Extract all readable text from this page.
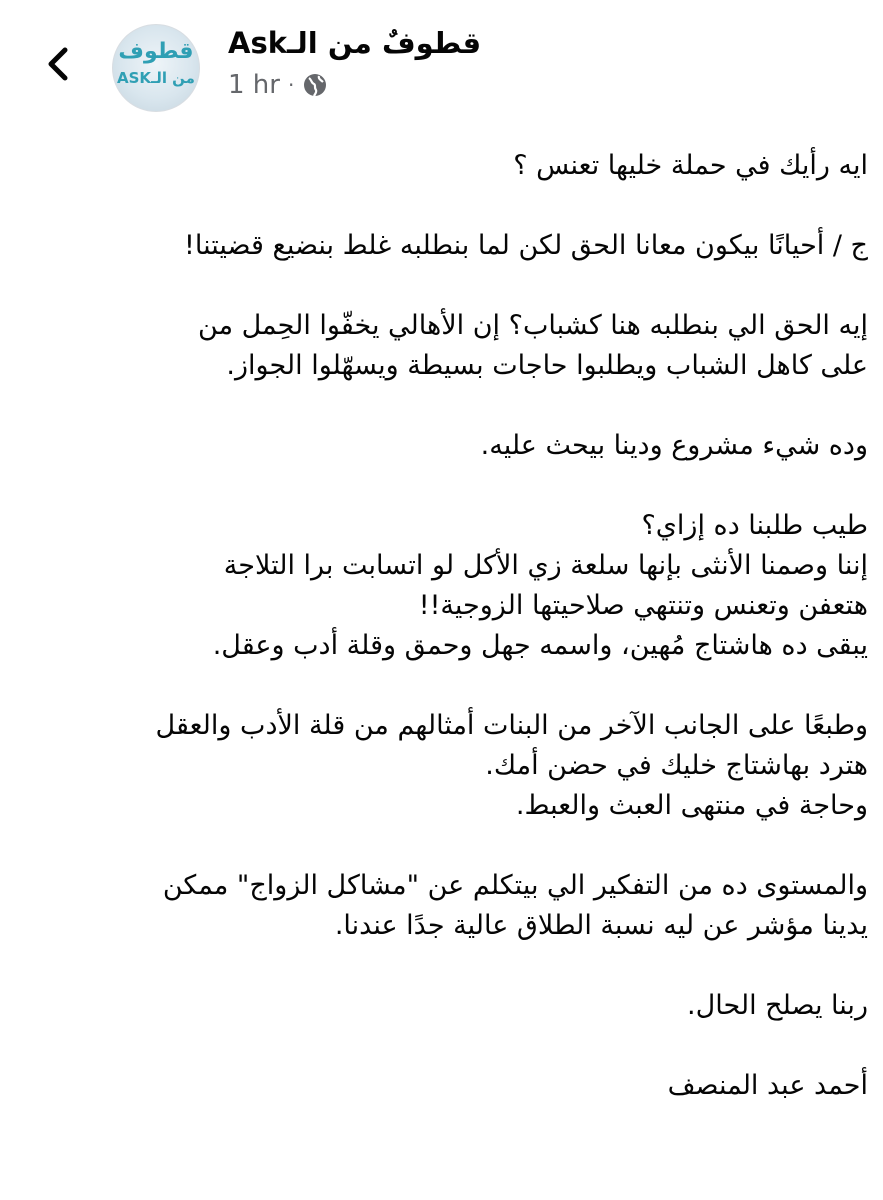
قطوف
من الـASK
قطوفٌ من الـAsk
1 hr ·
ايه رأيك في حملة خليها تعنس ؟
ج / أحيانًا بيكون معانا الحق لكن لما بنطلبه غلط بنضيع قضيتنا!
إيه الحق الي بنطلبه هنا كشباب؟ إن الأهالي يخفّوا الحِمل من
على كاهل الشباب ويطلبوا حاجات بسيطة ويسهّلوا الجواز.
وده شيء مشروع ودينا بيحث عليه.
طيب طلبنا ده إزاي؟
إننا وصمنا الأنثى بإنها سلعة زي الأكل لو اتسابت برا التلاجة
هتعفن وتعنس وتنتهي صلاحيتها الزوجية!!
يبقى ده هاشتاج مُهين، واسمه جهل وحمق وقلة أدب وعقل.
وطبعًا على الجانب الآخر من البنات أمثالهم من قلة الأدب والعقل
هترد بهاشتاج خليك في حضن أمك.
وحاجة في منتهى العبث والعبط.
والمستوى ده من التفكير الي بيتكلم عن "مشاكل الزواج" ممكن
يدينا مؤشر عن ليه نسبة الطلاق عالية جدًا عندنا.
ربنا يصلح الحال.
أحمد عبد المنصف
